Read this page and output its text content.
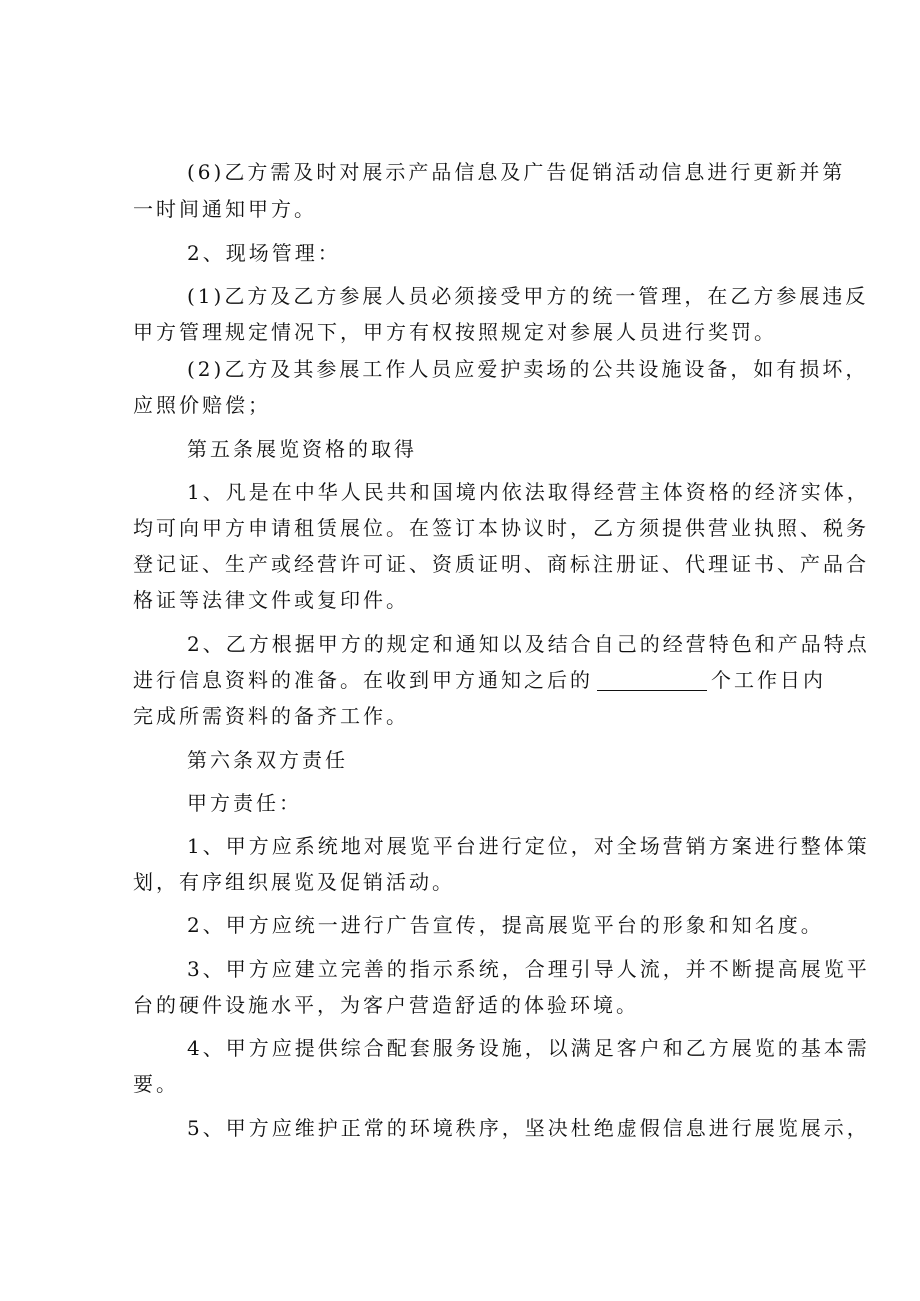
(6)乙方需及时对展示产品信息及广告促销活动信息进行更新并第
一时间通知甲方。
2、现场管理：
(1)乙方及乙方参展人员必须接受甲方的统一管理，在乙方参展违反
甲方管理规定情况下，甲方有权按照规定对参展人员进行奖罚。
(2)乙方及其参展工作人员应爱护卖场的公共设施设备，如有损坏，
应照价赔偿；
第五条展览资格的取得
1、凡是在中华人民共和国境内依法取得经营主体资格的经济实体，
均可向甲方申请租赁展位。在签订本协议时，乙方须提供营业执照、税务
登记证、生产或经营许可证、资质证明、商标注册证、代理证书、产品合
格证等法律文件或复印件。
2、乙方根据甲方的规定和通知以及结合自己的经营特色和产品特点
进行信息资料的准备。在收到甲方通知之后的	个工作日内
完成所需资料的备齐工作。
第六条双方责任
甲方责任：
1、甲方应系统地对展览平台进行定位，对全场营销方案进行整体策
划，有序组织展览及促销活动。
2、甲方应统一进行广告宣传，提高展览平台的形象和知名度。
3、甲方应建立完善的指示系统，合理引导人流，并不断提高展览平
台的硬件设施水平，为客户营造舒适的体验环境。
4、甲方应提供综合配套服务设施，以满足客户和乙方展览的基本需
要。
5、甲方应维护正常的环境秩序，坚决杜绝虚假信息进行展览展示，
